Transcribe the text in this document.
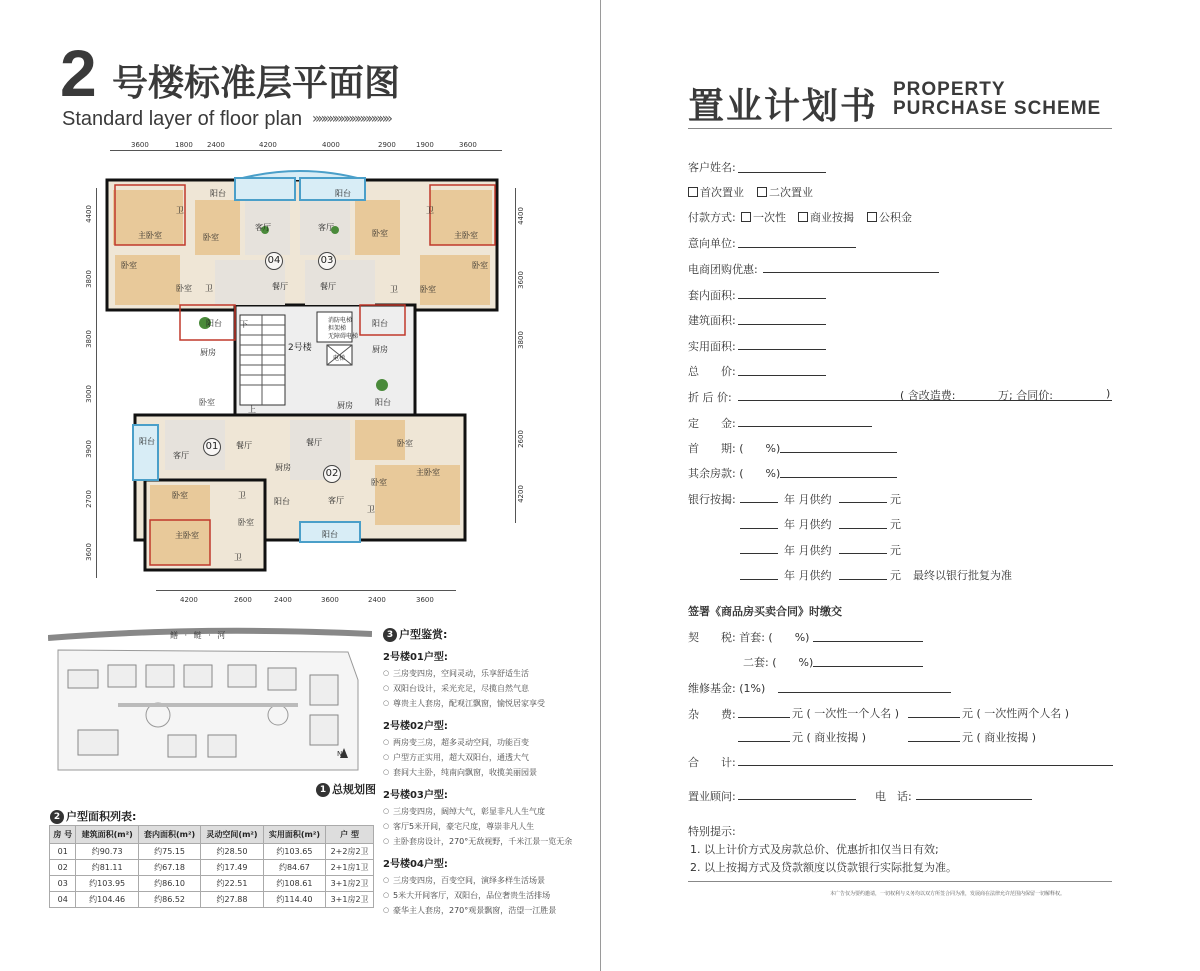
2 号楼标准层平面图
Standard layer of floor plan »»»»»»»»»»»»»»
3600	1800 2400	4200	4000	2900	1900	3600
4200	2600	2400	3600	2400	3600
4400
3800
3800
3000
3900
2700
3600
4400
3600
3800
2600
4200
阳台	阳台
客厅	客厅
主卧室	主卧室
卧室	卧室
卫	卫
04	03
卧室	卧室
卧室	卧室
卫	卫
餐厅	餐厅
阳台	阳台
下	消防电梯
担架梯
无障碍电梯
2号楼
厨房	厨房
电梯
阳台
卧室	厨房
上
阳台	01	餐厅	餐厅	卧室
客厅
厨房
02	主卧室
卧室
卧室	卫
阳台	客厅
卫
卧室
主卧室	阳台
卫
鳝 · 鲢 · 河
N
1 总规划图
2 户型面积列表:
房 号	建筑面积(m²)	套内面积(m²)	灵动空间(m²)	实用面积(m²)	户 型
01	约90.73	约75.15	约28.50	约103.65	2+2房2卫
02	约81.11	约67.18	约17.49	约84.67	2+1房1卫
03	约103.95	约86.10	约22.51	约108.61	3+1房2卫
04	约104.46	约86.52	约27.88	约114.40	3+1房2卫
3 户型鉴赏:
2号楼01户型:
○ 三房变四房，空间灵动，乐享舒适生活
○ 双阳台设计，采光充足，尽揽自然气息
○ 尊贵主人套房，配观江飘窗，愉悦居家享受
2号楼02户型:
○ 两房变三房，超多灵动空间，功能百变
○ 户型方正实用，超大双阳台，通透大气
○ 套间大主卧，纯南向飘窗，收揽美丽园景
2号楼03户型:
○ 三房变四房，阔绰大气，彰显非凡人生气度
○ 客厅5米开间，豪宅尺度，尊崇非凡人生
○ 主卧套房设计，270°无敌视野，千米江景一览无余
2号楼04户型:
○ 三房变四房，百变空间，演绎多样生活场景
○ 5米大开间客厅，双阳台，品位奢贵生活排场
○ 豪华主人套房，270°观景飘窗，浩望一江胜景
置业计划书 PROPERTY
PURCHASE SCHEME
客户姓名:
首次置业	二次置业
付款方式:	一次性	商业按揭	公积金
意向单位:
电商团购优惠:
套内面积:
建筑面积:
实用面积:
总　　价:
折 后 价:	( 含改造费:	万; 合同价:	)
定　　金:
首　　期: (　　%)
其余房款: (　　%)
银行按揭:	年 月供约	元
年 月供约	元
年 月供约	元
年 月供约	元 最终以银行批复为准
签署《商品房买卖合同》时缴交
契　　税: 首套: (　　%)
二套: (　　%)
维修基金: (1%)
杂　　费:	元 ( 一次性一个人名 )	元 ( 一次性两个人名 )
元 ( 商业按揭 )	元 ( 商业按揭 )
合　　计:
置业顾问:	电　话:
特别提示:
1. 以上计价方式及房款总价、优惠折扣仅当日有效;
2. 以上按揭方式及贷款额度以贷款银行实际批复为准。
本广告仅为要约邀请，一切权利与义务均以双方所签合同为准，发展商在法律允许范围内保留一切解释权。
